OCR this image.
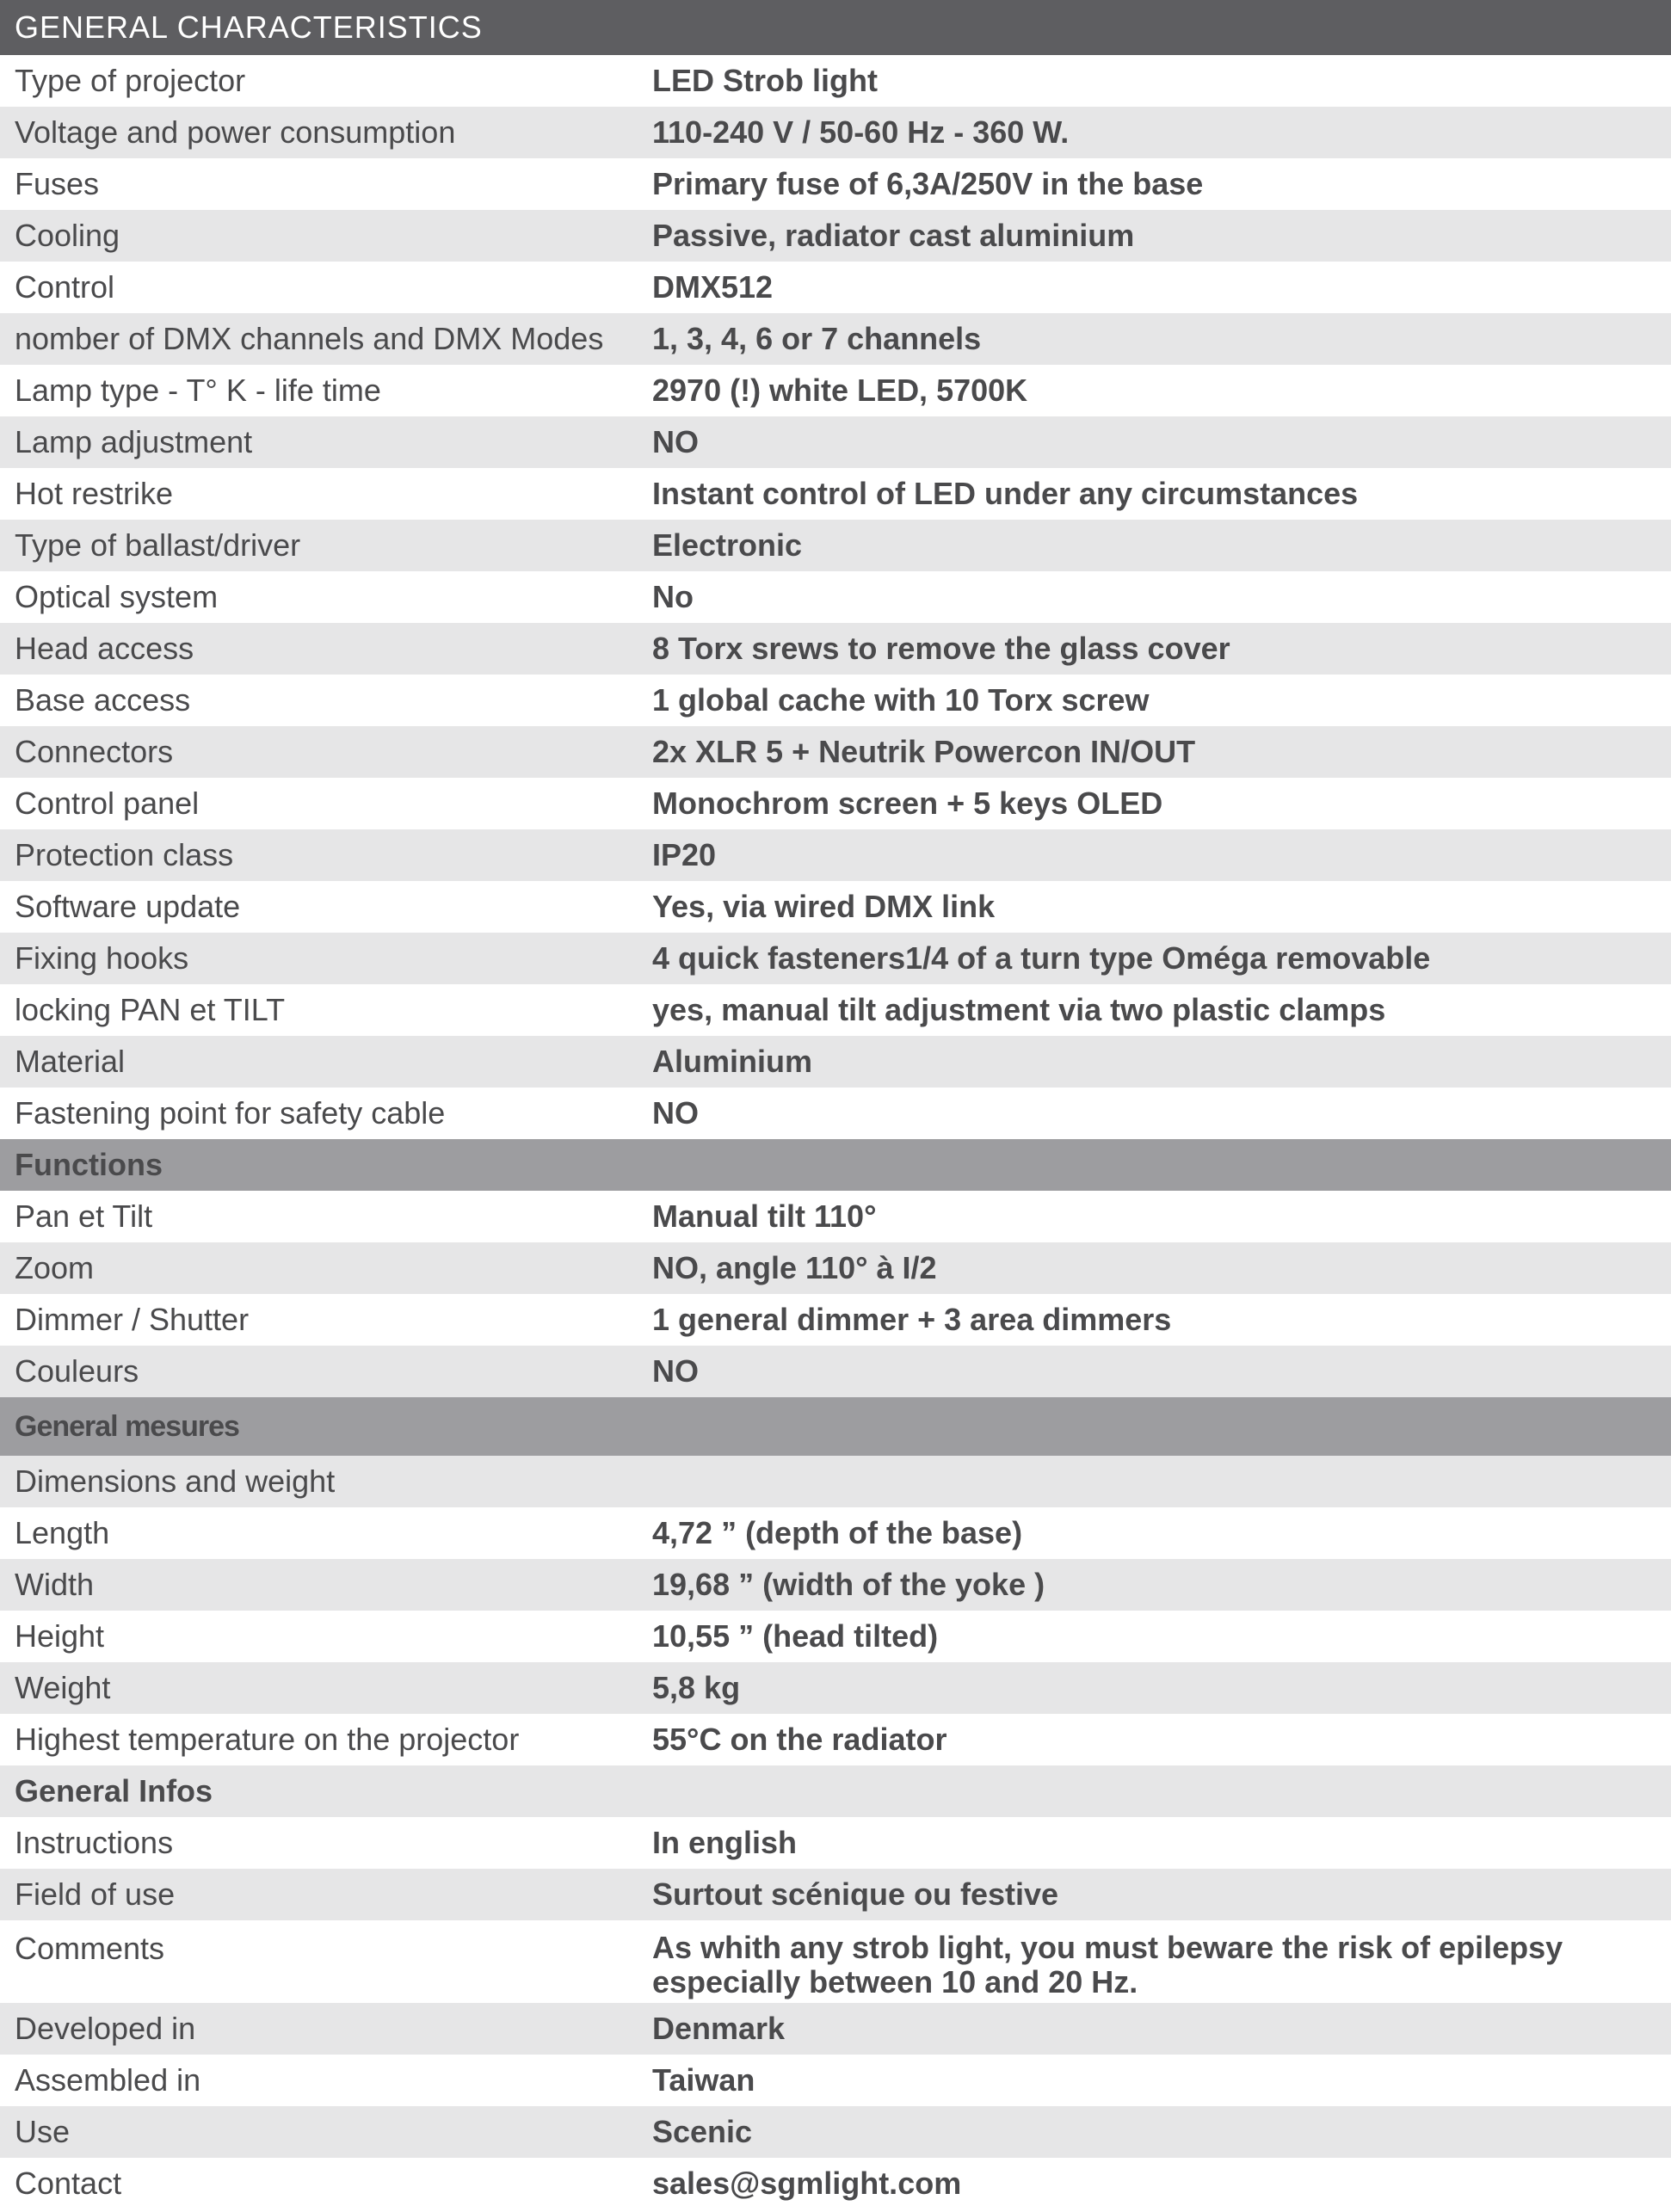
GENERAL CHARACTERISTICS
Type of projector	LED Strob light
Voltage and power consumption	110-240 V / 50-60 Hz - 360 W.
Fuses	Primary fuse of 6,3A/250V in the base
Cooling	Passive, radiator cast aluminium
Control	DMX512
nomber of DMX channels and DMX Modes	1, 3, 4, 6 or 7 channels
Lamp type - T° K - life time	2970 (!) white LED, 5700K
Lamp adjustment	NO
Hot restrike	Instant control of LED under any circumstances
Type of ballast/driver	Electronic
Optical system	No
Head access	8 Torx srews to remove the glass cover
Base access	1 global cache with 10 Torx screw
Connectors	2x XLR 5 + Neutrik Powercon IN/OUT
Control panel	Monochrom screen + 5 keys OLED
Protection class	IP20
Software update	Yes, via wired DMX link
Fixing hooks	4 quick fasteners1/4 of a turn type Oméga removable
locking PAN et TILT	yes, manual tilt adjustment via two plastic clamps
Material	Aluminium
Fastening point for safety cable	NO
Functions
Pan et Tilt	Manual tilt 110°
Zoom	NO, angle 110° à I/2
Dimmer / Shutter	1 general dimmer + 3 area dimmers
Couleurs	NO
General mesures
Dimensions and weight
Length	4,72 ” (depth of the base)
Width	19,68 ” (width of the yoke )
Height	10,55 ” (head tilted)
Weight	5,8 kg
Highest temperature on the projector	55°C on the radiator
General Infos
Instructions	In english
Field of use	Surtout scénique ou festive
Comments	As whith any strob light, you must beware the risk of epilepsy especially between 10 and 20 Hz.
Developed in	Denmark
Assembled in	Taiwan
Use	Scenic
Contact	sales@sgmlight.com
